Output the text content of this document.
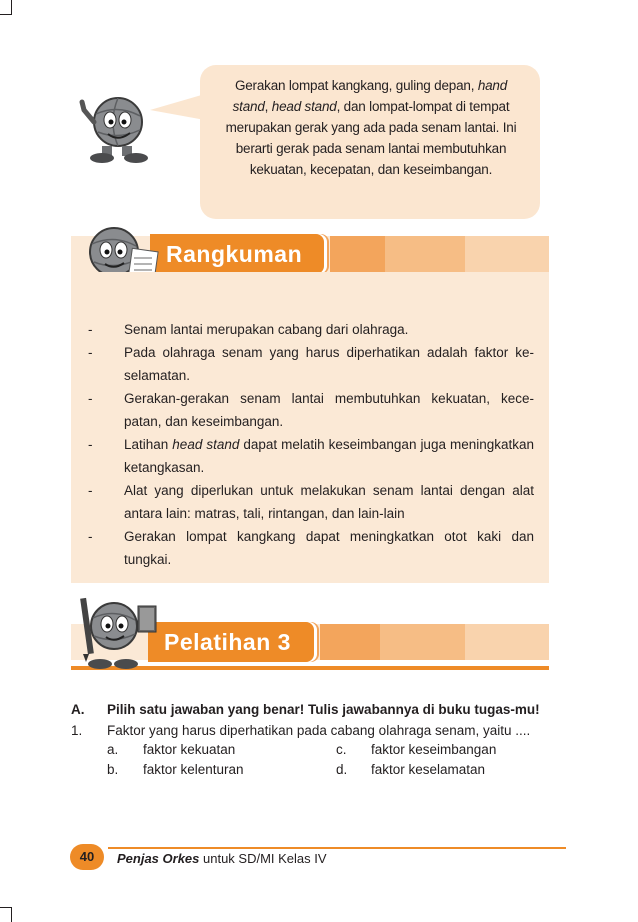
Gerakan lompat kangkang, guling depan, hand
stand, head stand, dan lompat-lompat di tempat merupakan gerak yang ada pada senam lantai. Ini berarti gerak pada senam lantai membutuhkan kekuatan, kecepatan, dan keseimbangan.
Rangkuman
- Senam lantai merupakan cabang dari olahraga.
- Pada olahraga senam yang harus diperhatikan adalah faktor ke-selamatan.
- Gerakan-gerakan senam lantai membutuhkan kekuatan, kece-patan, dan keseimbangan.
- Latihan head stand dapat melatih keseimbangan juga meningkatkan ketangkasan.
- Alat yang diperlukan untuk melakukan senam lantai dengan alat antara lain: matras, tali, rintangan, dan lain-lain
- Gerakan lompat kangkang dapat meningkatkan otot kaki dan tungkai.
Pelatihan 3
A. Pilih satu jawaban yang benar! Tulis jawabannya di buku tugas-mu!
1. Faktor yang harus diperhatikan pada cabang olahraga senam, yaitu ....
a. faktor kekuatan	c. faktor keseimbangan
b. faktor kelenturan	d. faktor keselamatan
40	Penjas Orkes untuk SD/MI Kelas IV
